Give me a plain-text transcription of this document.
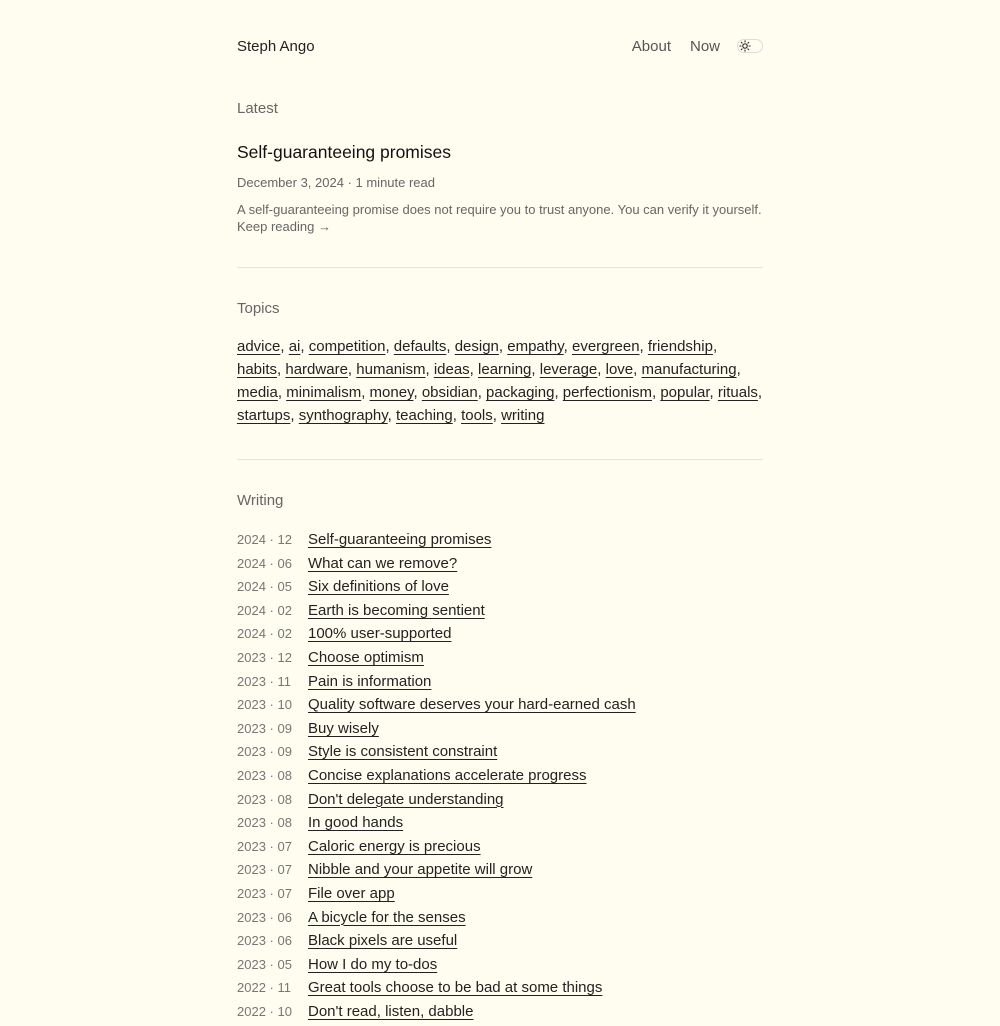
Steph Ango	About Now
Latest
Self-guaranteeing promises
December 3, 2024 · 1 minute read
A self-guaranteeing promise does not require you to trust anyone. You can verify it yourself.
Keep reading →
Topics
advice, ai, competition, defaults, design, empathy, evergreen, friendship, habits, hardware, humanism, ideas, learning, leverage, love, manufacturing, media, minimalism, money, obsidian, packaging, perfectionism, popular, rituals, startups, synthography, teaching, tools, writing
Writing
2024 · 12	Self-guaranteeing promises
2024 · 06	What can we remove?
2024 · 05	Six definitions of love
2024 · 02	Earth is becoming sentient
2024 · 02	100% user-supported
2023 · 12	Choose optimism
2023 · 11	Pain is information
2023 · 10	Quality software deserves your hard-earned cash
2023 · 09	Buy wisely
2023 · 09	Style is consistent constraint
2023 · 08	Concise explanations accelerate progress
2023 · 08	Don't delegate understanding
2023 · 08	In good hands
2023 · 07	Caloric energy is precious
2023 · 07	Nibble and your appetite will grow
2023 · 07	File over app
2023 · 06	A bicycle for the senses
2023 · 06	Black pixels are useful
2023 · 05	How I do my to-dos
2022 · 11	Great tools choose to be bad at some things
2022 · 10	Don't read, listen, dabble
